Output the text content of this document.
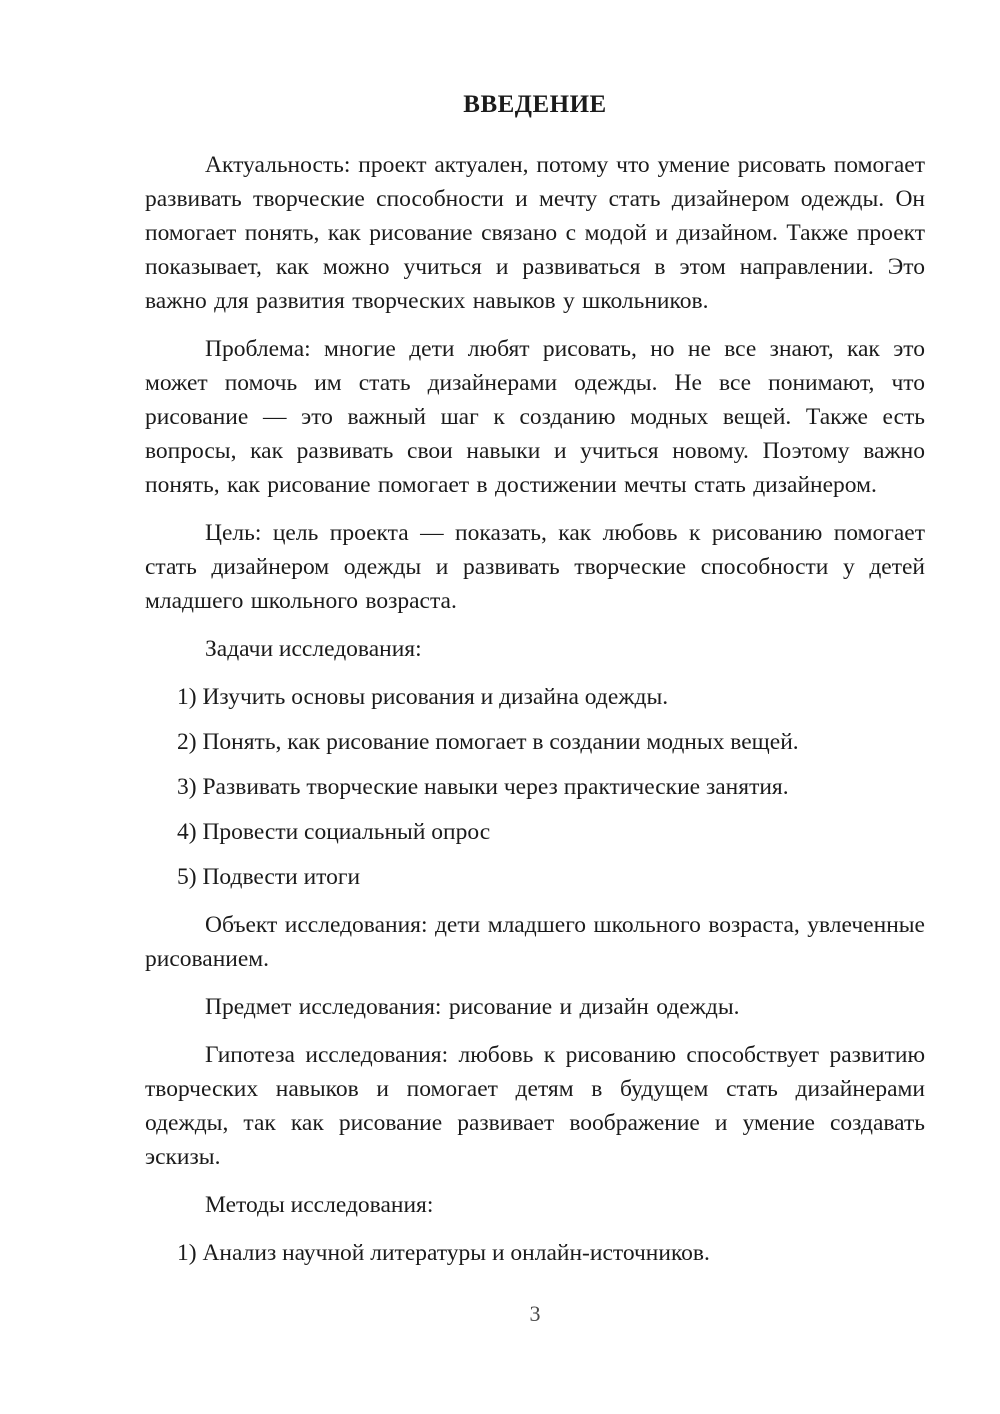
ВВЕДЕНИЕ

Актуальность: проект актуален, потому что умение рисовать помогает развивать творческие способности и мечту стать дизайнером одежды. Он помогает понять, как рисование связано с модой и дизайном. Также проект показывает, как можно учиться и развиваться в этом направлении. Это важно для развития творческих навыков у школьников.

Проблема: многие дети любят рисовать, но не все знают, как это может помочь им стать дизайнерами одежды. Не все понимают, что рисование — это важный шаг к созданию модных вещей. Также есть вопросы, как развивать свои навыки и учиться новому. Поэтому важно понять, как рисование помогает в достижении мечты стать дизайнером.

Цель: цель проекта — показать, как любовь к рисованию помогает стать дизайнером одежды и развивать творческие способности у детей младшего школьного возраста.

Задачи исследования:

1) Изучить основы рисования и дизайна одежды.
2) Понять, как рисование помогает в создании модных вещей.
3) Развивать творческие навыки через практические занятия.
4) Провести социальный опрос
5) Подвести итоги

Объект исследования: дети младшего школьного возраста, увлеченные рисованием.

Предмет исследования: рисование и дизайн одежды.

Гипотеза исследования: любовь к рисованию способствует развитию творческих навыков и помогает детям в будущем стать дизайнерами одежды, так как рисование развивает воображение и умение создавать эскизы.

Методы исследования:

1) Анализ научной литературы и онлайн-источников.
3
